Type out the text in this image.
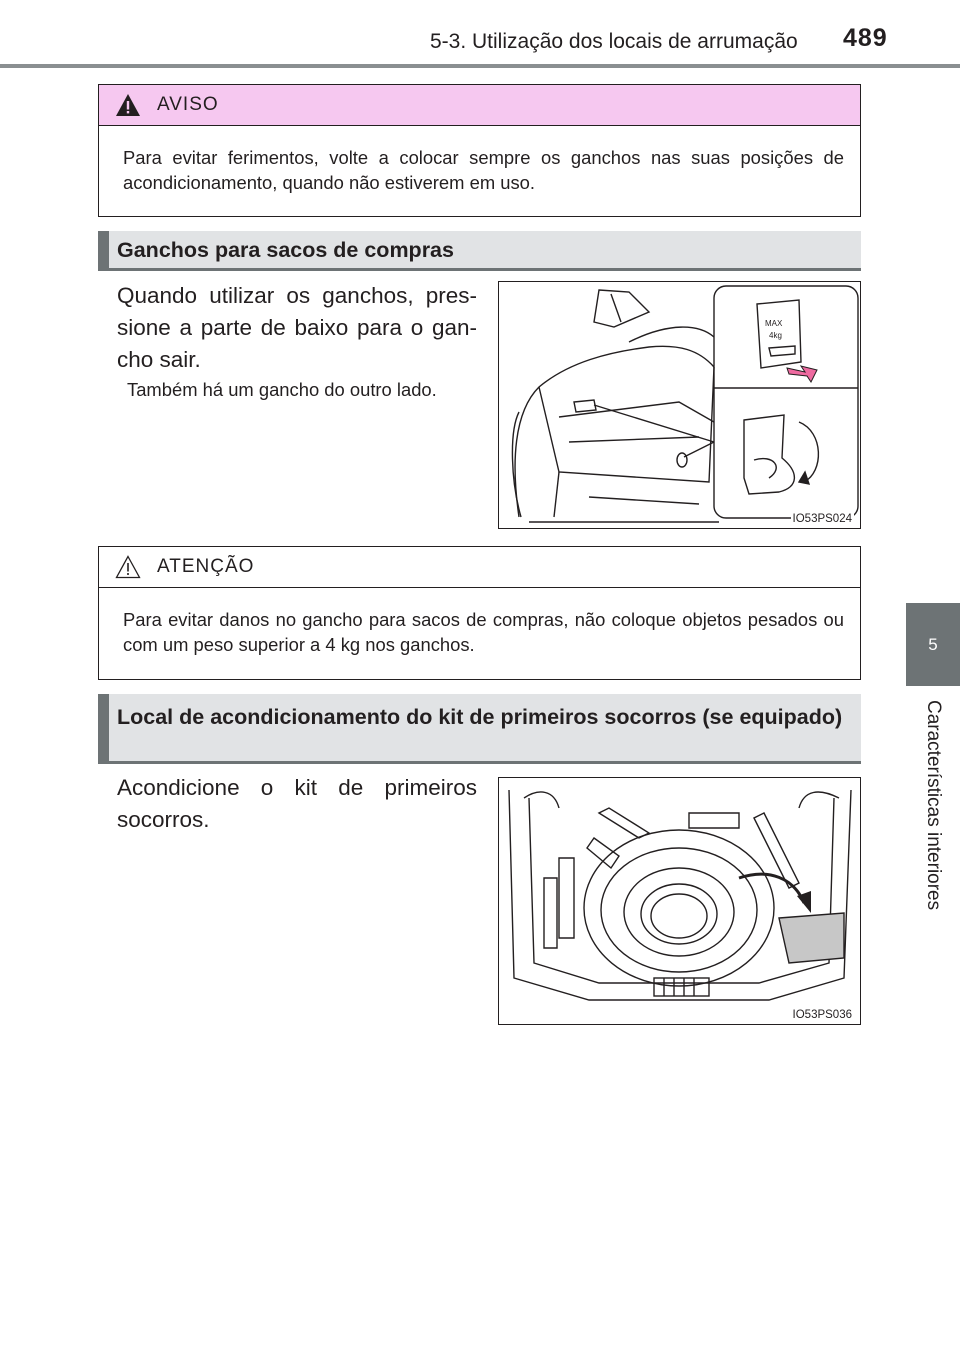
5-3. Utilização dos locais de arrumação 489
5
Características interiores
AVISO
Para evitar ferimentos, volte a colocar sempre os ganchos nas suas posições de acondicionamento, quando não estiverem em uso.
Ganchos para sacos de compras
Quando utilizar os ganchos, pres-sione a parte de baixo para o gan-cho sair.
Também há um gancho do outro lado.
MAX
4kg
IO53PS024
ATENÇÃO
Para evitar danos no gancho para sacos de compras, não coloque objetos pesados ou com um peso superior a 4 kg nos ganchos.
Local de acondicionamento do kit de primeiros socorros (se equipado)
Acondicione o kit de primeiros socorros.
IO53PS036
